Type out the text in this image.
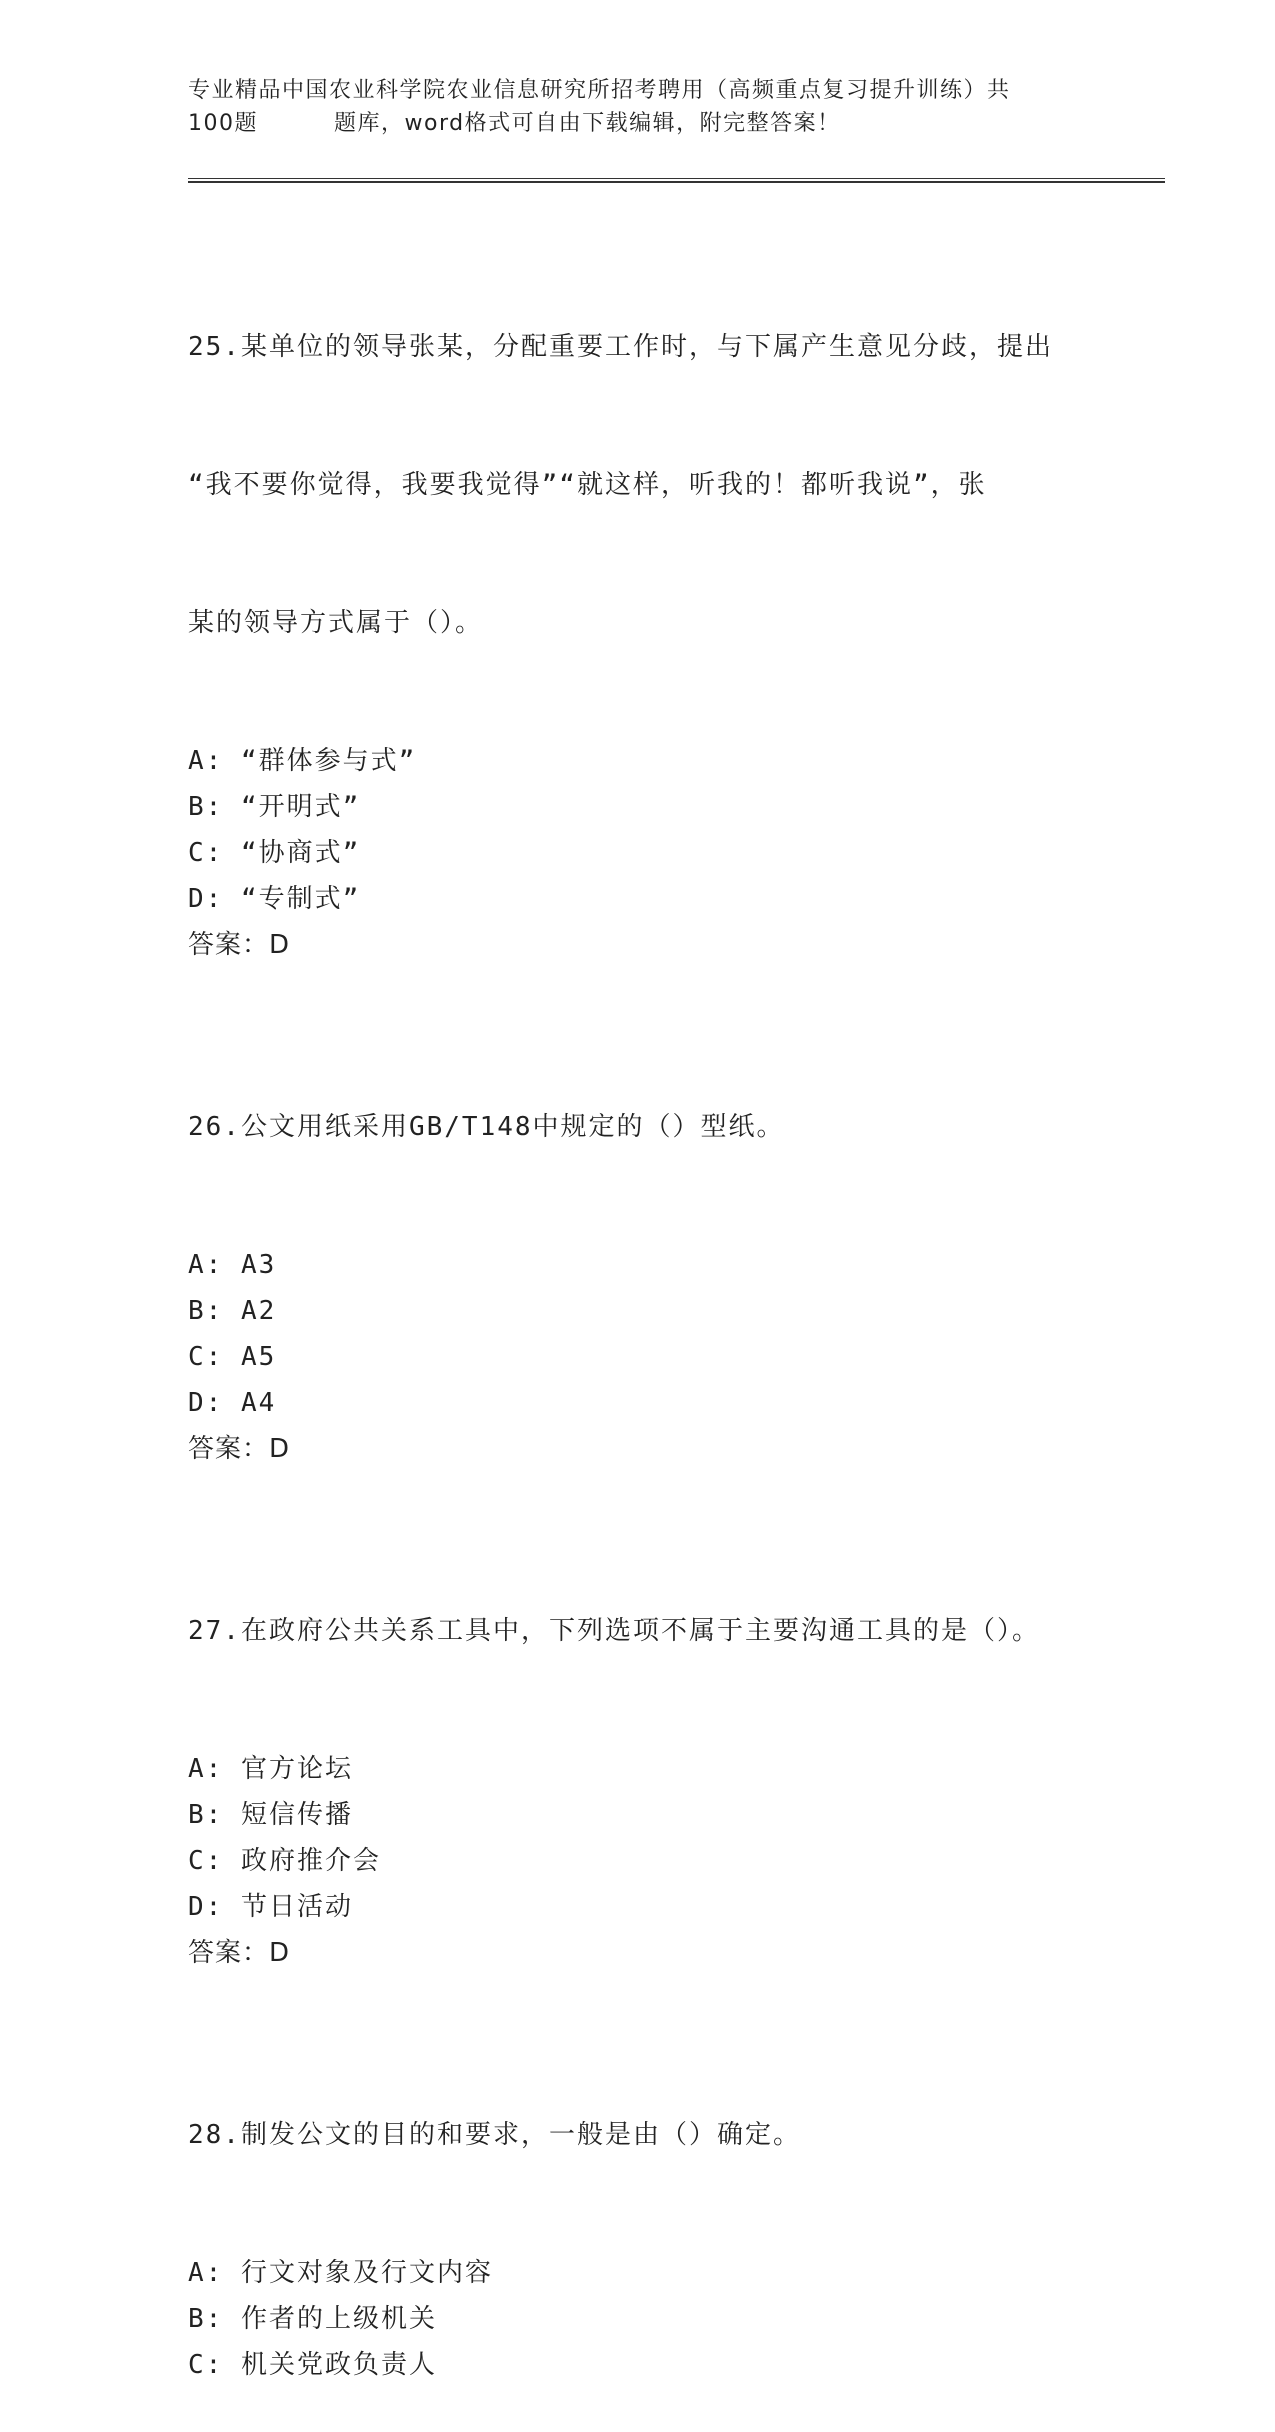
专业精品中国农业科学院农业信息研究所招考聘用（高频重点复习提升训练）共
100题	题库，word格式可自由下载编辑，附完整答案！

25.某单位的领导张某，分配重要工作时，与下属产生意见分歧，提出

“我不要你觉得，我要我觉得”“就这样，听我的！都听我说”，张

某的领导方式属于（）。

A: “群体参与式”
B: “开明式”
C: “协商式”
D: “专制式”
答案：D

26.公文用纸采用GB/T148中规定的（）型纸。

A: A3
B: A2
C: A5
D: A4
答案：D

27.在政府公共关系工具中，下列选项不属于主要沟通工具的是（）。

A: 官方论坛
B: 短信传播
C: 政府推介会
D: 节日活动
答案：D

28.制发公文的目的和要求，一般是由（）确定。

A: 行文对象及行文内容
B: 作者的上级机关
C: 机关党政负责人
